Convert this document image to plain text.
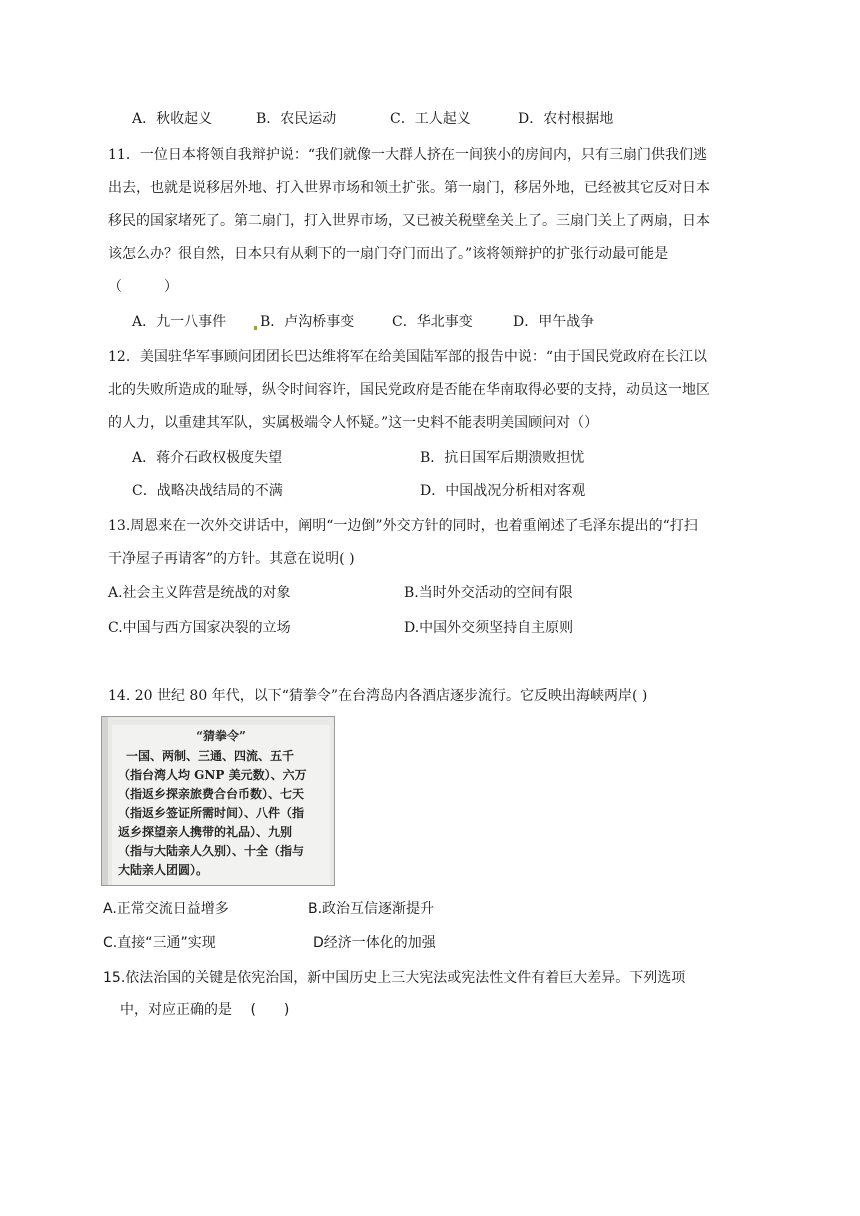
A．秋收起义	B．农民运动	C．工人起义	D．农村根据地
11．一位日本将领自我辩护说：“我们就像一大群人挤在一间狭小的房间内，只有三扇门供我们逃
出去，也就是说移居外地、打入世界市场和领土扩张。第一扇门，移居外地，已经被其它反对日本
移民的国家堵死了。第二扇门，打入世界市场，又已被关税壁垒关上了。三扇门关上了两扇，日本
该怎么办？很自然，日本只有从剩下的一扇门夺门而出了。”该将领辩护的扩张行动最可能是
（　　　）
A．九一八事件 B．卢沟桥事变	C．华北事变	D．甲午战争
12．美国驻华军事顾问团团长巴达维将军在给美国陆军部的报告中说：“由于国民党政府在长江以
北的失败所造成的耻辱，纵令时间容许，国民党政府是否能在华南取得必要的支持，动员这一地区
的人力，以重建其军队，实属极端令人怀疑。”这一史料不能表明美国顾问对（）
A．蒋介石政权极度失望	B．抗日国军后期溃败担忧
C．战略决战结局的不满	D．中国战况分析相对客观
13.周恩来在一次外交讲话中，阐明“一边倒”外交方针的同时，也着重阐述了毛泽东提出的“打扫
干净屋子再请客”的方针。其意在说明( )
A.社会主义阵营是统战的对象	B.当时外交活动的空间有限
C.中国与西方国家决裂的立场	D.中国外交须坚持自主原则
14. 20 世纪 80 年代，以下“猜拳令”在台湾岛内各酒店逐步流行。它反映出海峡两岸( )
“猜拳令”
一国、两制、三通、四流、五千
（指台湾人均 GNP 美元数）、六万
（指返乡探亲旅费合台币数）、七天
（指返乡签证所需时间）、八件（指
返乡探望亲人携带的礼品）、九别
（指与大陆亲人久别）、十全（指与
大陆亲人团圆）。
A.正常交流日益增多	B.政治互信逐渐提升
C.直接“三通”实现	D经济一体化的加强
15.依法治国的关键是依宪治国，新中国历史上三大宪法或宪法性文件有着巨大差异。下列选项
中，对应正确的是　 (　　)
